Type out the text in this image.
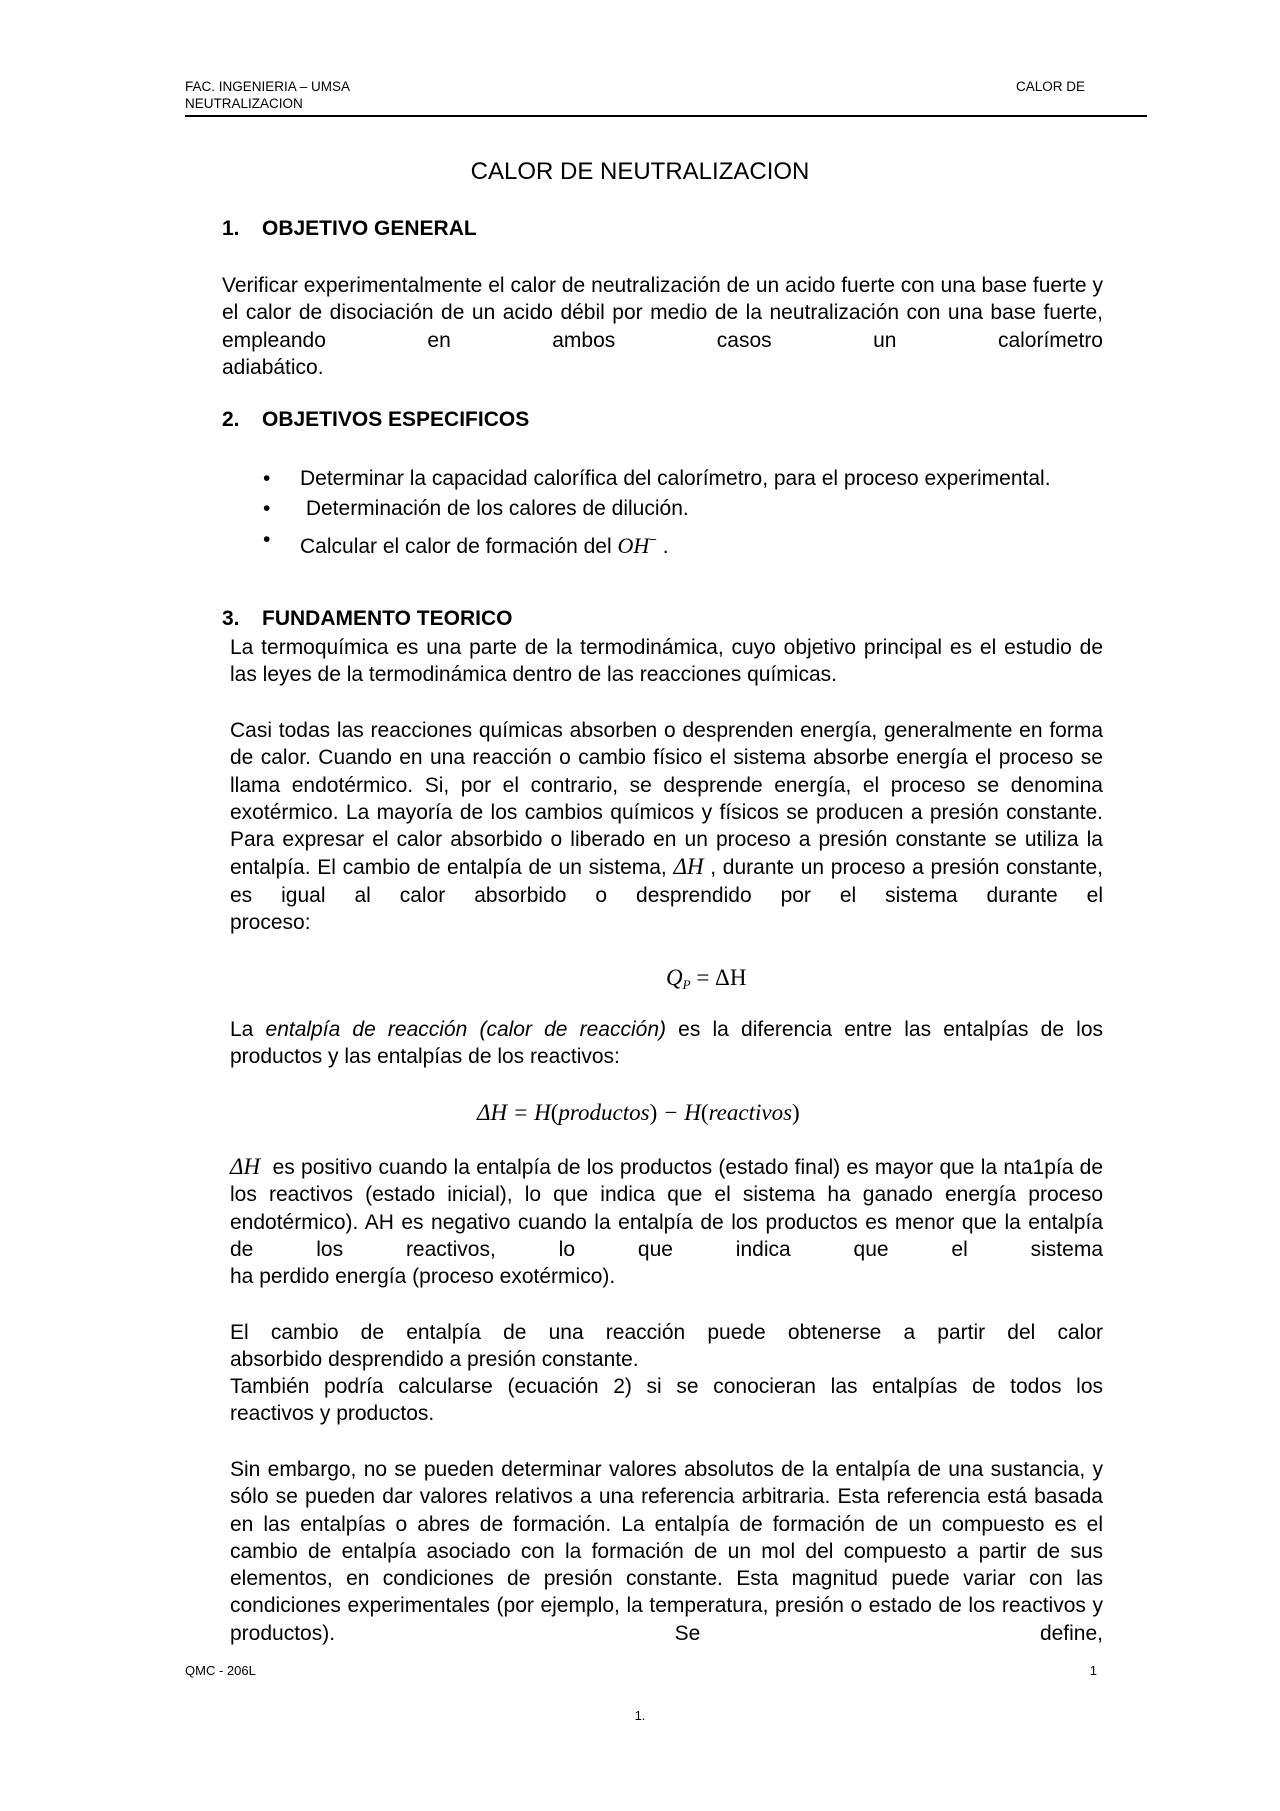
FAC. INGENIERIA – UMSA
NEUTRALIZACION
CALOR DE
CALOR DE NEUTRALIZACION
1. OBJETIVO GENERAL

Verificar experimentalmente el calor de neutralización de un acido fuerte con una base fuerte y el calor de disociación de un acido débil por medio de la neutralización con una base fuerte, empleando en ambos casos un calorímetro
adiabático.

2. OBJETIVOS ESPECIFICOS
• Determinar la capacidad calorífica del calorímetro, para el proceso experimental.
• Determinación de los calores de dilución.
• Calcular el calor de formación del OH− .
3. FUNDAMENTO TEORICO

La termoquímica es una parte de la termodinámica, cuyo objetivo principal es el estudio de las leyes de la termodinámica dentro de las reacciones químicas.

Casi todas las reacciones químicas absorben o desprenden energía, generalmente en forma de calor. Cuando en una reacción o cambio físico el sistema absorbe energía el proceso se llama endotérmico. Si, por el contrario, se desprende energía, el proceso se denomina exotérmico. La mayoría de los cambios químicos y físicos se producen a presión constante. Para expresar el calor absorbido o liberado en un proceso a presión constante se utiliza la entalpía. El cambio de entalpía de un sistema, ΔH , durante un proceso a presión constante, es igual al calor absorbido o desprendido por el sistema durante el
proceso:

$Q_P = \Delta H$

La entalpía de reacción (calor de reacción) es la diferencia entre las entalpías de los productos y las entalpías de los reactivos:

ΔH = H(productos) − H(reactivos)

ΔH  es positivo cuando la entalpía de los productos (estado final) es mayor que la nta1pía de los reactivos (estado inicial), lo que indica que el sistema ha ganado energía proceso endotérmico). AH es negativo cuando la entalpía de los productos es menor que la entalpía de los reactivos, lo que indica que el sistema
ha perdido energía (proceso exotérmico).

El cambio de entalpía de una reacción puede obtenerse a partir del calor
absorbido desprendido a presión constante.

También podría calcularse (ecuación 2) si se conocieran las entalpías de todos los
reactivos y productos.

Sin embargo, no se pueden determinar valores absolutos de la entalpía de una sustancia, y sólo se pueden dar valores relativos a una referencia arbitraria. Esta referencia está basada en las entalpías o abres de formación. La entalpía de formación de un compuesto es el cambio de entalpía asociado con la formación de un mol del compuesto a partir de sus elementos, en condiciones de presión constante. Esta magnitud puede variar con las condiciones experimentales (por ejemplo, la temperatura, presión o estado de los reactivos y productos). Se define,

QMC - 206L	1
1.
